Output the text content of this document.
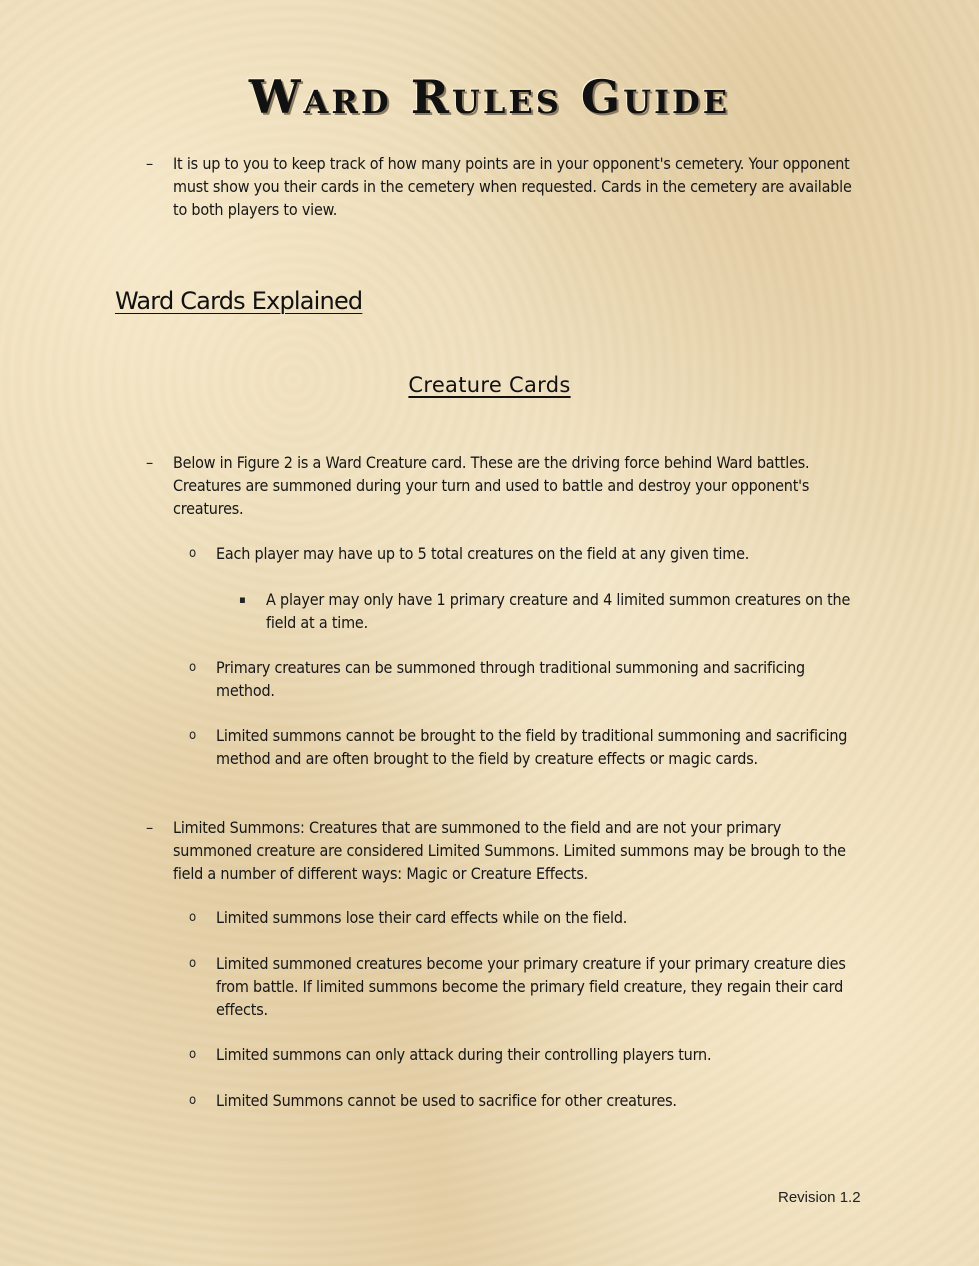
Ward Rules Guide
– It is up to you to keep track of how many points are in your opponent's cemetery. Your opponent must show you their cards in the cemetery when requested. Cards in the cemetery are available to both players to view.
Ward Cards Explained
Creature Cards
– Below in Figure 2 is a Ward Creature card. These are the driving force behind Ward battles. Creatures are summoned during your turn and used to battle and destroy your opponent's creatures.
o Each player may have up to 5 total creatures on the field at any given time.
▪ A player may only have 1 primary creature and 4 limited summon creatures on the field at a time.
o Primary creatures can be summoned through traditional summoning and sacrificing method.
o Limited summons cannot be brought to the field by traditional summoning and sacrificing method and are often brought to the field by creature effects or magic cards.
– Limited Summons: Creatures that are summoned to the field and are not your primary summoned creature are considered Limited Summons. Limited summons may be brough to the field a number of different ways: Magic or Creature Effects.
o Limited summons lose their card effects while on the field.
o Limited summoned creatures become your primary creature if your primary creature dies from battle. If limited summons become the primary field creature, they regain their card effects.
o Limited summons can only attack during their controlling players turn.
o Limited Summons cannot be used to sacrifice for other creatures.
Revision 1.2
